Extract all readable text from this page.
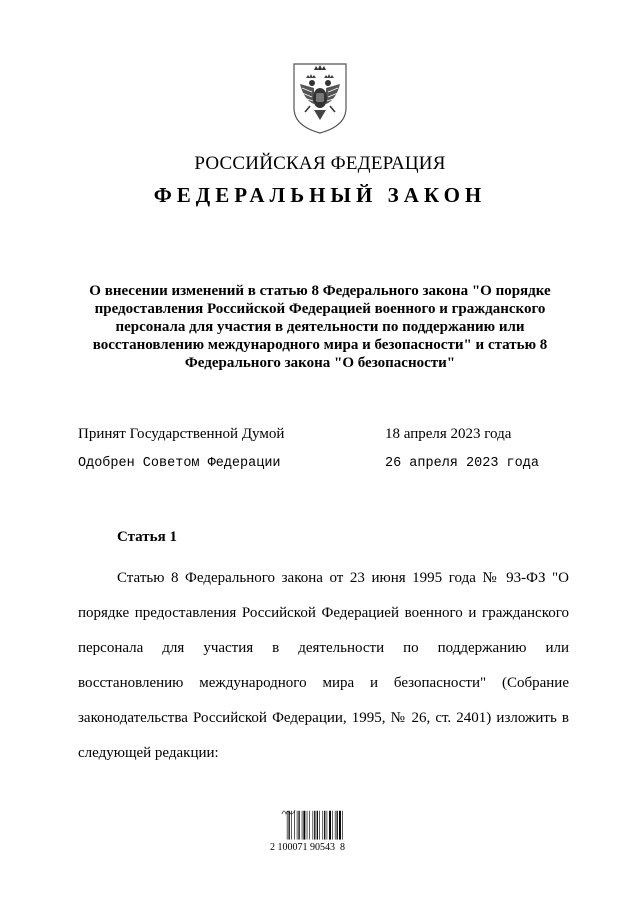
РОССИЙСКАЯ ФЕДЕРАЦИЯ
ФЕДЕРАЛЬНЫЙ ЗАКОН
О внесении изменений в статью 8 Федерального закона "О порядке предоставления Российской Федерацией военного и гражданского персонала для участия в деятельности по поддержанию или восстановлению международного мира и безопасности" и статью 8 Федерального закона "О безопасности"
Принят Государственной Думой	18 апреля 2023 года
Одобрен Советом Федерации	26 апреля 2023 года
Статья 1

Статью 8 Федерального закона от 23 июня 1995 года № 93-ФЗ "О порядке предоставления Российской Федерацией военного и гражданского персонала для участия в деятельности по поддержанию или восстановлению международного мира и безопасности" (Собрание законодательства Российской Федерации, 1995, № 26, ст. 2401) изложить в следующей редакции:

2 100071 90543  8
